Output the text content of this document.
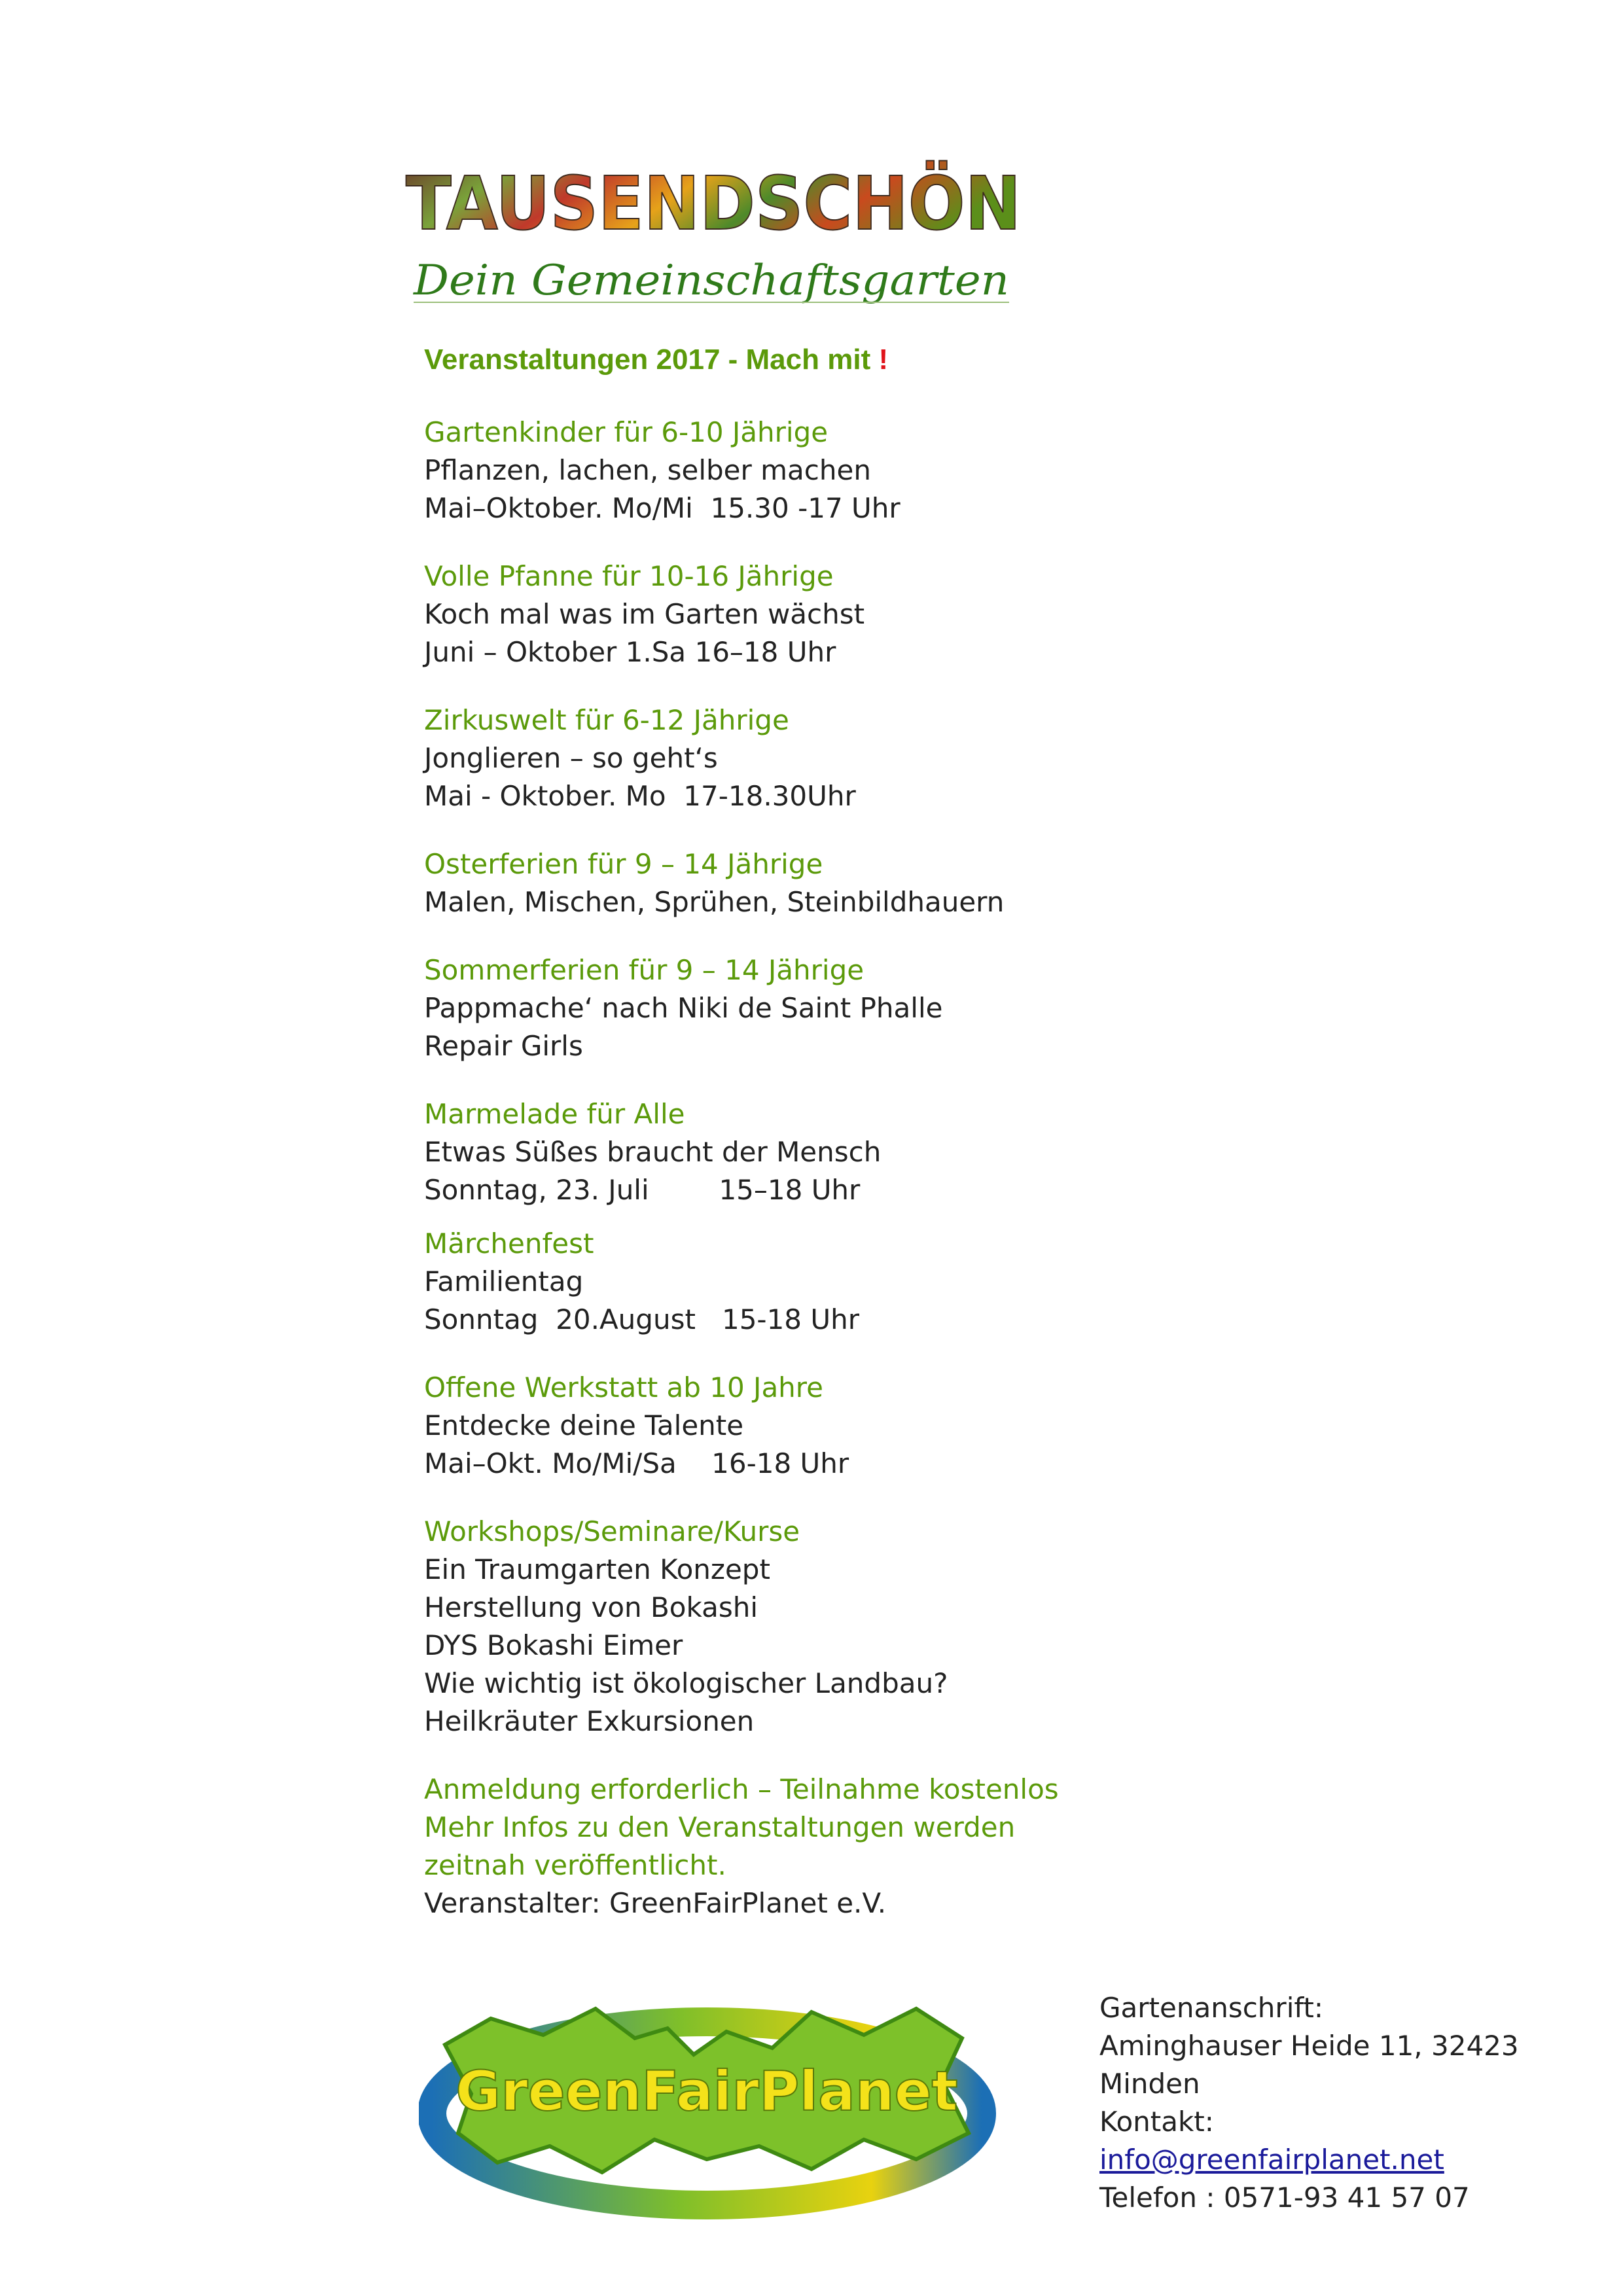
TAUSENDSCHÖN
Dein Gemeinschaftsgarten

Veranstaltungen 2017 - Mach mit !

Gartenkinder für 6-10 Jährige

Pflanzen, lachen, selber machen

Mai–Oktober. Mo/Mi  15.30 -17 Uhr

Volle Pfanne für 10-16 Jährige

Koch mal was im Garten wächst

Juni – Oktober 1.Sa 16–18 Uhr

Zirkuswelt für 6-12 Jährige

Jonglieren – so geht‘s

Mai - Oktober. Mo  17-18.30Uhr

Osterferien für 9 – 14 Jährige

Malen, Mischen, Sprühen, Steinbildhauern

Sommerferien für 9 – 14 Jährige

Pappmache‘ nach Niki de Saint Phalle

Repair Girls

Marmelade für Alle

Etwas Süßes braucht der Mensch

Sonntag, 23. Juli        15–18 Uhr

Märchenfest

Familientag

Sonntag  20.August   15-18 Uhr

Offene Werkstatt ab 10 Jahre

Entdecke deine Talente

Mai–Okt. Mo/Mi/Sa    16-18 Uhr

Workshops/Seminare/Kurse

Ein Traumgarten Konzept

Herstellung von Bokashi

DYS Bokashi Eimer

Wie wichtig ist ökologischer Landbau?

Heilkräuter Exkursionen

Anmeldung erforderlich – Teilnahme kostenlos

Mehr Infos zu den Veranstaltungen werden

zeitnah veröffentlicht.

Veranstalter: GreenFairPlanet e.V.

GreenFairPlanet

Gartenanschrift:

Aminghauser Heide 11, 32423

Minden

Kontakt:

info@greenfairplanet.net

Telefon : 0571-93 41 57 07
